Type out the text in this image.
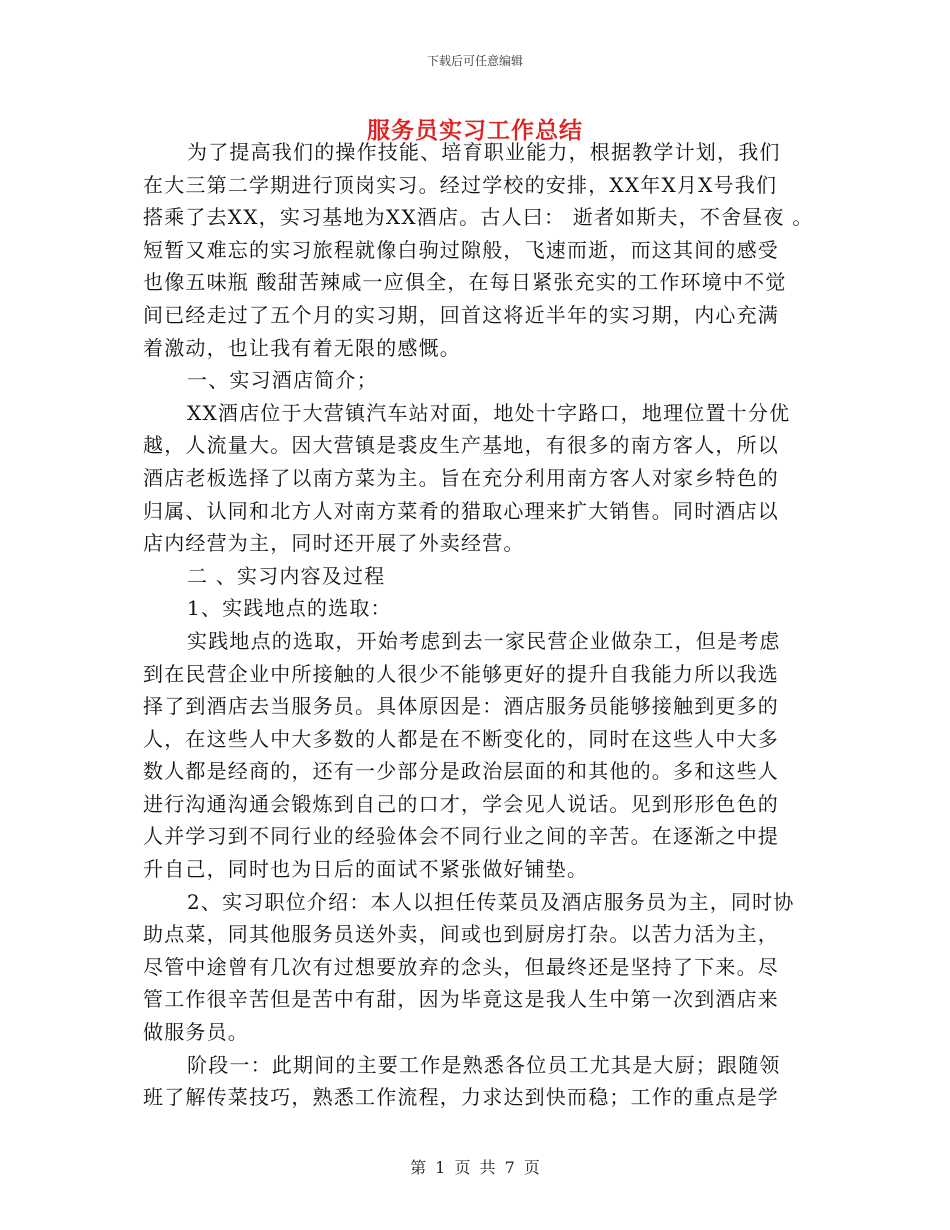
下载后可任意编辑
服务员实习工作总结
为了提高我们的操作技能、培育职业能力，根据教学计划，我们
在大三第二学期进行顶岗实习。经过学校的安排，XX年X月X号我们
搭乘了去XX，实习基地为XX酒店。古人曰： 逝者如斯夫，不舍昼夜 。
短暂又难忘的实习旅程就像白驹过隙般，飞速而逝，而这其间的感受
也像五味瓶 酸甜苦辣咸一应俱全，在每日紧张充实的工作环境中不觉
间已经走过了五个月的实习期，回首这将近半年的实习期，内心充满
着激动，也让我有着无限的感慨。
一、实习酒店简介；
XX酒店位于大营镇汽车站对面，地处十字路口，地理位置十分优
越，人流量大。因大营镇是裘皮生产基地，有很多的南方客人，所以
酒店老板选择了以南方菜为主。旨在充分利用南方客人对家乡特色的
归属、认同和北方人对南方菜肴的猎取心理来扩大销售。同时酒店以
店内经营为主，同时还开展了外卖经营。
二 、实习内容及过程
1、实践地点的选取：
实践地点的选取，开始考虑到去一家民营企业做杂工，但是考虑
到在民营企业中所接触的人很少不能够更好的提升自我能力所以我选
择了到酒店去当服务员。具体原因是：酒店服务员能够接触到更多的
人，在这些人中大多数的人都是在不断变化的，同时在这些人中大多
数人都是经商的，还有一少部分是政治层面的和其他的。多和这些人
进行沟通沟通会锻炼到自己的口才，学会见人说话。见到形形色色的
人并学习到不同行业的经验体会不同行业之间的辛苦。在逐渐之中提
升自己，同时也为日后的面试不紧张做好铺垫。
2、实习职位介绍：本人以担任传菜员及酒店服务员为主，同时协
助点菜，同其他服务员送外卖，间或也到厨房打杂。以苦力活为主，
尽管中途曾有几次有过想要放弃的念头，但最终还是坚持了下来。尽
管工作很辛苦但是苦中有甜，因为毕竟这是我人生中第一次到酒店来
做服务员。
阶段一：此期间的主要工作是熟悉各位员工尤其是大厨；跟随领
班了解传菜技巧，熟悉工作流程，力求达到快而稳；工作的重点是学
第 1 页 共 7 页
